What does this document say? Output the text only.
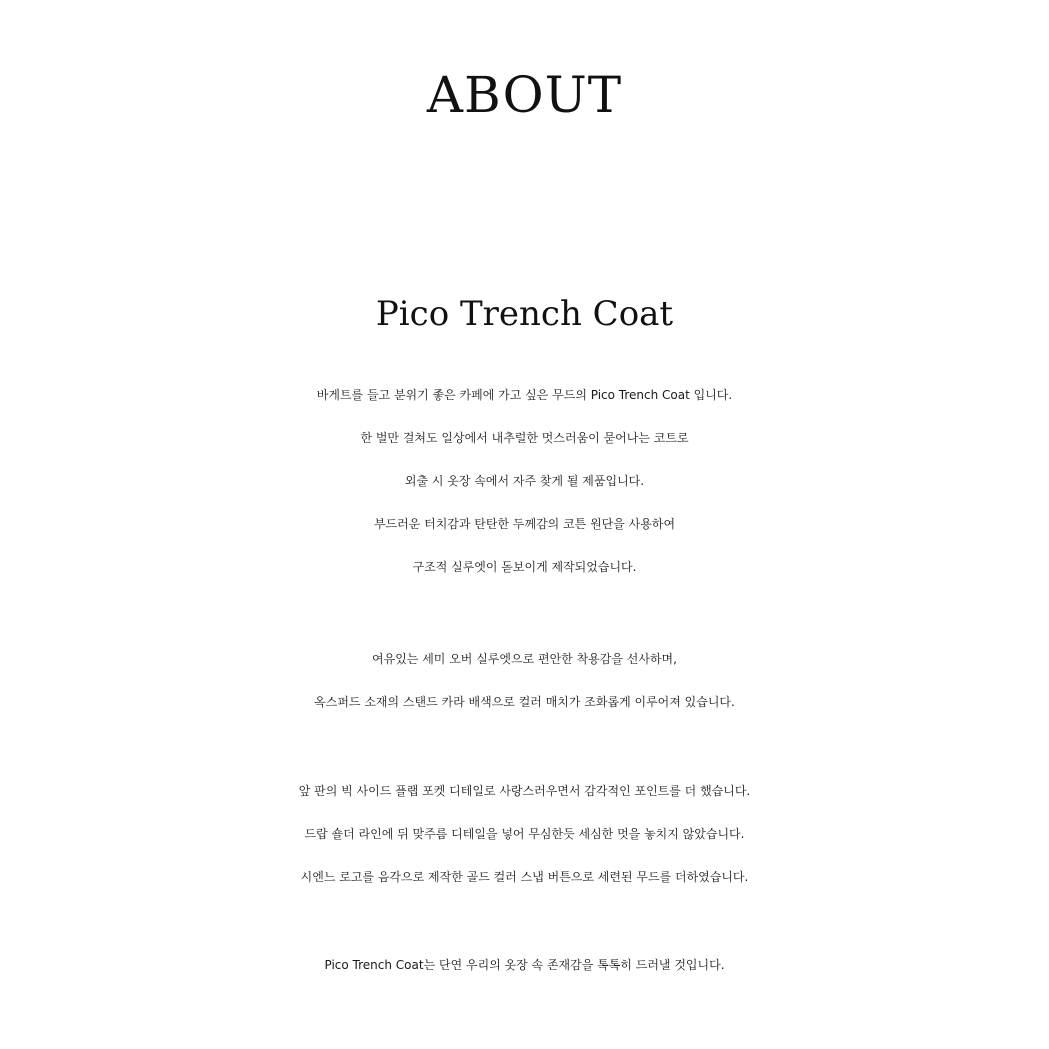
ABOUT
Pico Trench Coat
바게트를 들고 분위기 좋은 카페에 가고 싶은 무드의 Pico Trench Coat 입니다.
한 벌만 걸쳐도 일상에서 내추럴한 멋스러움이 묻어나는 코트로
외출 시 옷장 속에서 자주 찾게 될 제품입니다.
부드러운 터치감과 탄탄한 두께감의 코튼 원단을 사용하여
구조적 실루엣이 돋보이게 제작되었습니다.
여유있는 세미 오버 실루엣으로 편안한 착용감을 선사하며,
옥스퍼드 소재의 스탠드 카라 배색으로 컬러 매치가 조화롭게 이루어져 있습니다.
앞 판의 빅 사이드 플랩 포켓 디테일로 사랑스러우면서 감각적인 포인트를 더 했습니다.
드랍 숄더 라인에 뒤 맞주름 디테일을 넣어 무심한듯 세심한 멋을 놓치지 않았습니다.
시엔느 로고를 음각으로 제작한 골드 컬러 스냅 버튼으로 세련된 무드를 더하였습니다.
Pico Trench Coat는 단연 우리의 옷장 속 존재감을 톡톡히 드러낼 것입니다.
